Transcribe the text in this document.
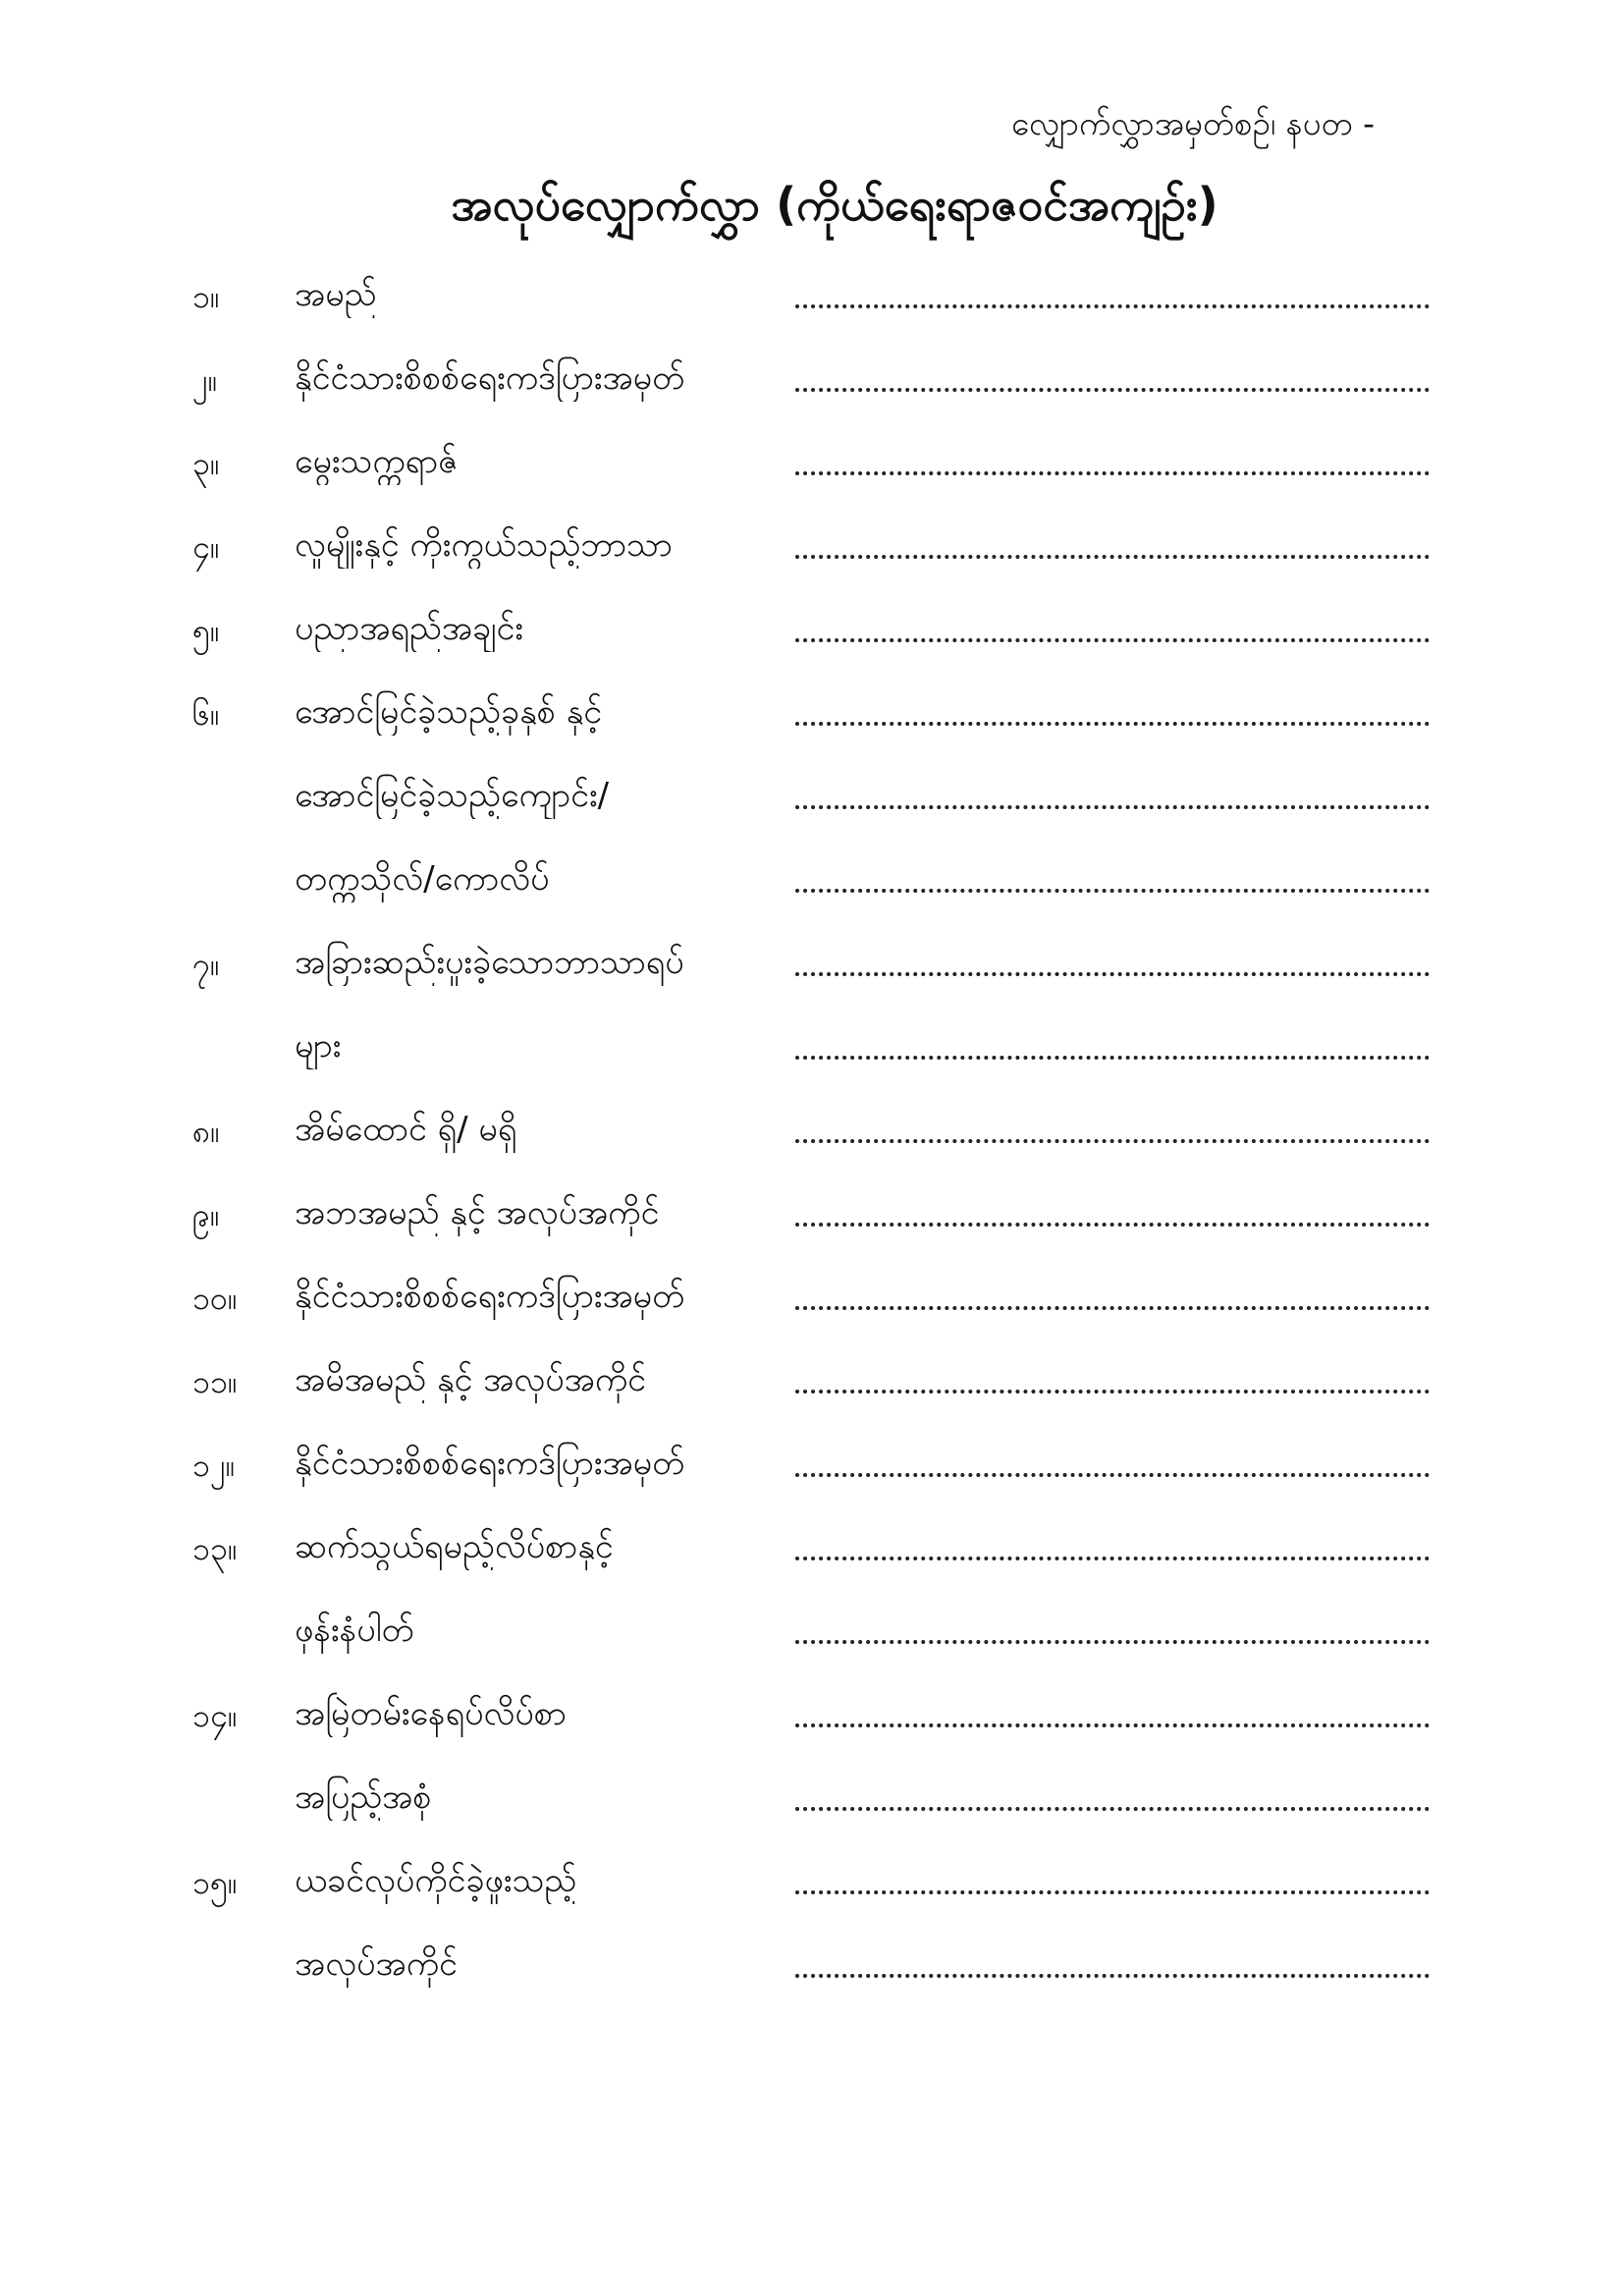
လျှောက်လွှာအမှတ်စဉ်၊ နပတ -
အလုပ်လျှောက်လွှာ (ကိုယ်ရေးရာဇဝင်အကျဉ်း)
၁။	အမည်
၂။	နိုင်ငံသားစိစစ်ရေးကဒ်ပြားအမှတ်
၃။	မွေးသက္ကရာဇ်
၄။	လူမျိုးနှင့် ကိုးကွယ်သည့်ဘာသာ
၅။	ပညာအရည်အချင်း
၆။	အောင်မြင်ခဲ့သည့်ခုနှစ် နှင့်
အောင်မြင်ခဲ့သည့်ကျောင်း/
တက္ကသိုလ်/ကောလိပ်
၇။	အခြားဆည်းပူးခဲ့သောဘာသာရပ်
များ
၈။	အိမ်ထောင် ရှိ/ မရှိ
၉။	အဘအမည် နှင့် အလုပ်အကိုင်
၁၀။	နိုင်ငံသားစိစစ်ရေးကဒ်ပြားအမှတ်
၁၁။	အမိအမည် နှင့် အလုပ်အကိုင်
၁၂။	နိုင်ငံသားစိစစ်ရေးကဒ်ပြားအမှတ်
၁၃။	ဆက်သွယ်ရမည့်လိပ်စာနှင့်
ဖုန်းနံပါတ်
၁၄။	အမြဲတမ်းနေရပ်လိပ်စာ
အပြည့်အစုံ
၁၅။	ယခင်လုပ်ကိုင်ခဲ့ဖူးသည့်
အလုပ်အကိုင်
